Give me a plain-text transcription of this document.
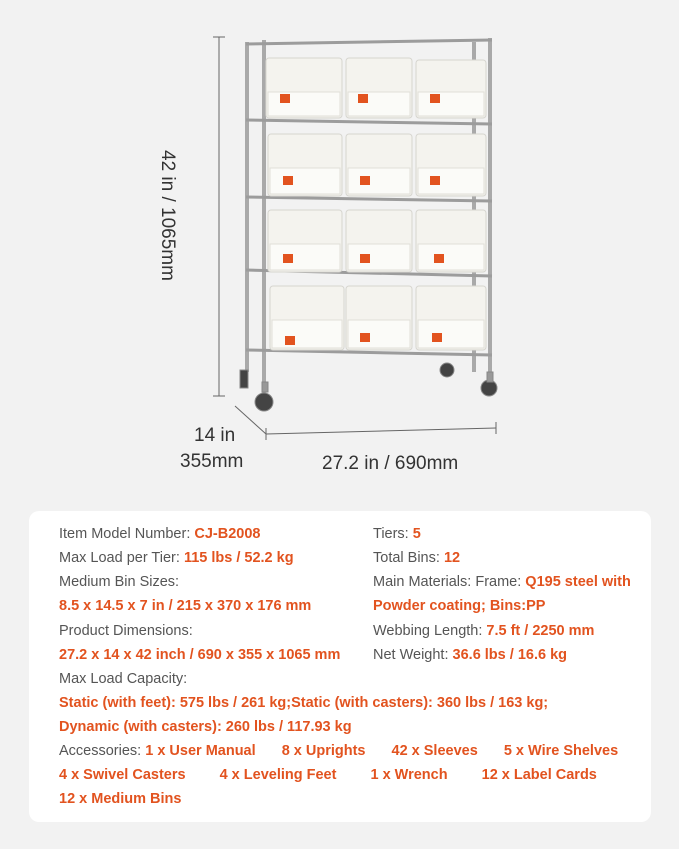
42 in / 1065mm
14 in
355mm	27.2 in / 690mm
Item Model Number: CJ-B2008
Max Load per Tier: 115 lbs / 52.2 kg
Medium Bin Sizes:
8.5 x 14.5 x 7 in / 215 x 370 x 176 mm
Product Dimensions:
27.2 x 14 x 42 inch / 690 x 355 x 1065 mm
Tiers: 5
Total Bins: 12
Main Materials: Frame: Q195 steel with
Powder coating; Bins:PP
Webbing Length: 7.5 ft / 2250 mm
Net Weight: 36.6 lbs / 16.6 kg
Max Load Capacity:
Static (with feet): 575 lbs / 261 kg;Static (with casters): 360 lbs / 163 kg;
Dynamic (with casters): 260 lbs / 117.93 kg
Accessories: 1 x User Manual 8 x Uprights 42 x Sleeves 5 x Wire Shelves
4 x Swivel Casters 4 x Leveling Feet 1 x Wrench 12 x Label Cards
12 x Medium Bins
